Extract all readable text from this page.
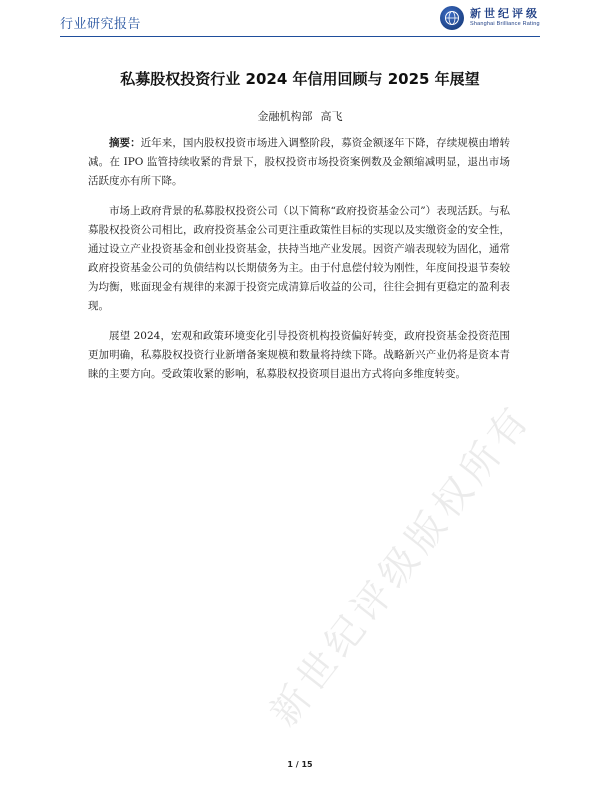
行业研究报告
新世纪评级
Shanghai Brilliance Rating
私募股权投资行业 2024 年信用回顾与 2025 年展望
金融机构部 高飞

摘要：近年来，国内股权投资市场进入调整阶段，募资金额逐年下降，存续规模由增转减。在 IPO 监管持续收紧的背景下，股权投资市场投资案例数及金额缩减明显，退出市场活跃度亦有所下降。

市场上政府背景的私募股权投资公司（以下简称“政府投资基金公司”）表现活跃。与私募股权投资公司相比，政府投资基金公司更注重政策性目标的实现以及实缴资金的安全性，通过设立产业投资基金和创业投资基金，扶持当地产业发展。因资产端表现较为固化，通常政府投资基金公司的负债结构以长期债务为主。由于付息偿付较为刚性，年度间投退节奏较为均衡，账面现金有规律的来源于投资完成清算后收益的公司，往往会拥有更稳定的盈利表现。

展望 2024，宏观和政策环境变化引导投资机构投资偏好转变，政府投资基金投资范围更加明确，私募股权投资行业新增备案规模和数量将持续下降。战略新兴产业仍将是资本青睐的主要方向。受政策收紧的影响，私募股权投资项目退出方式将向多维度转变。

新世纪评级版权所有
1 / 15
